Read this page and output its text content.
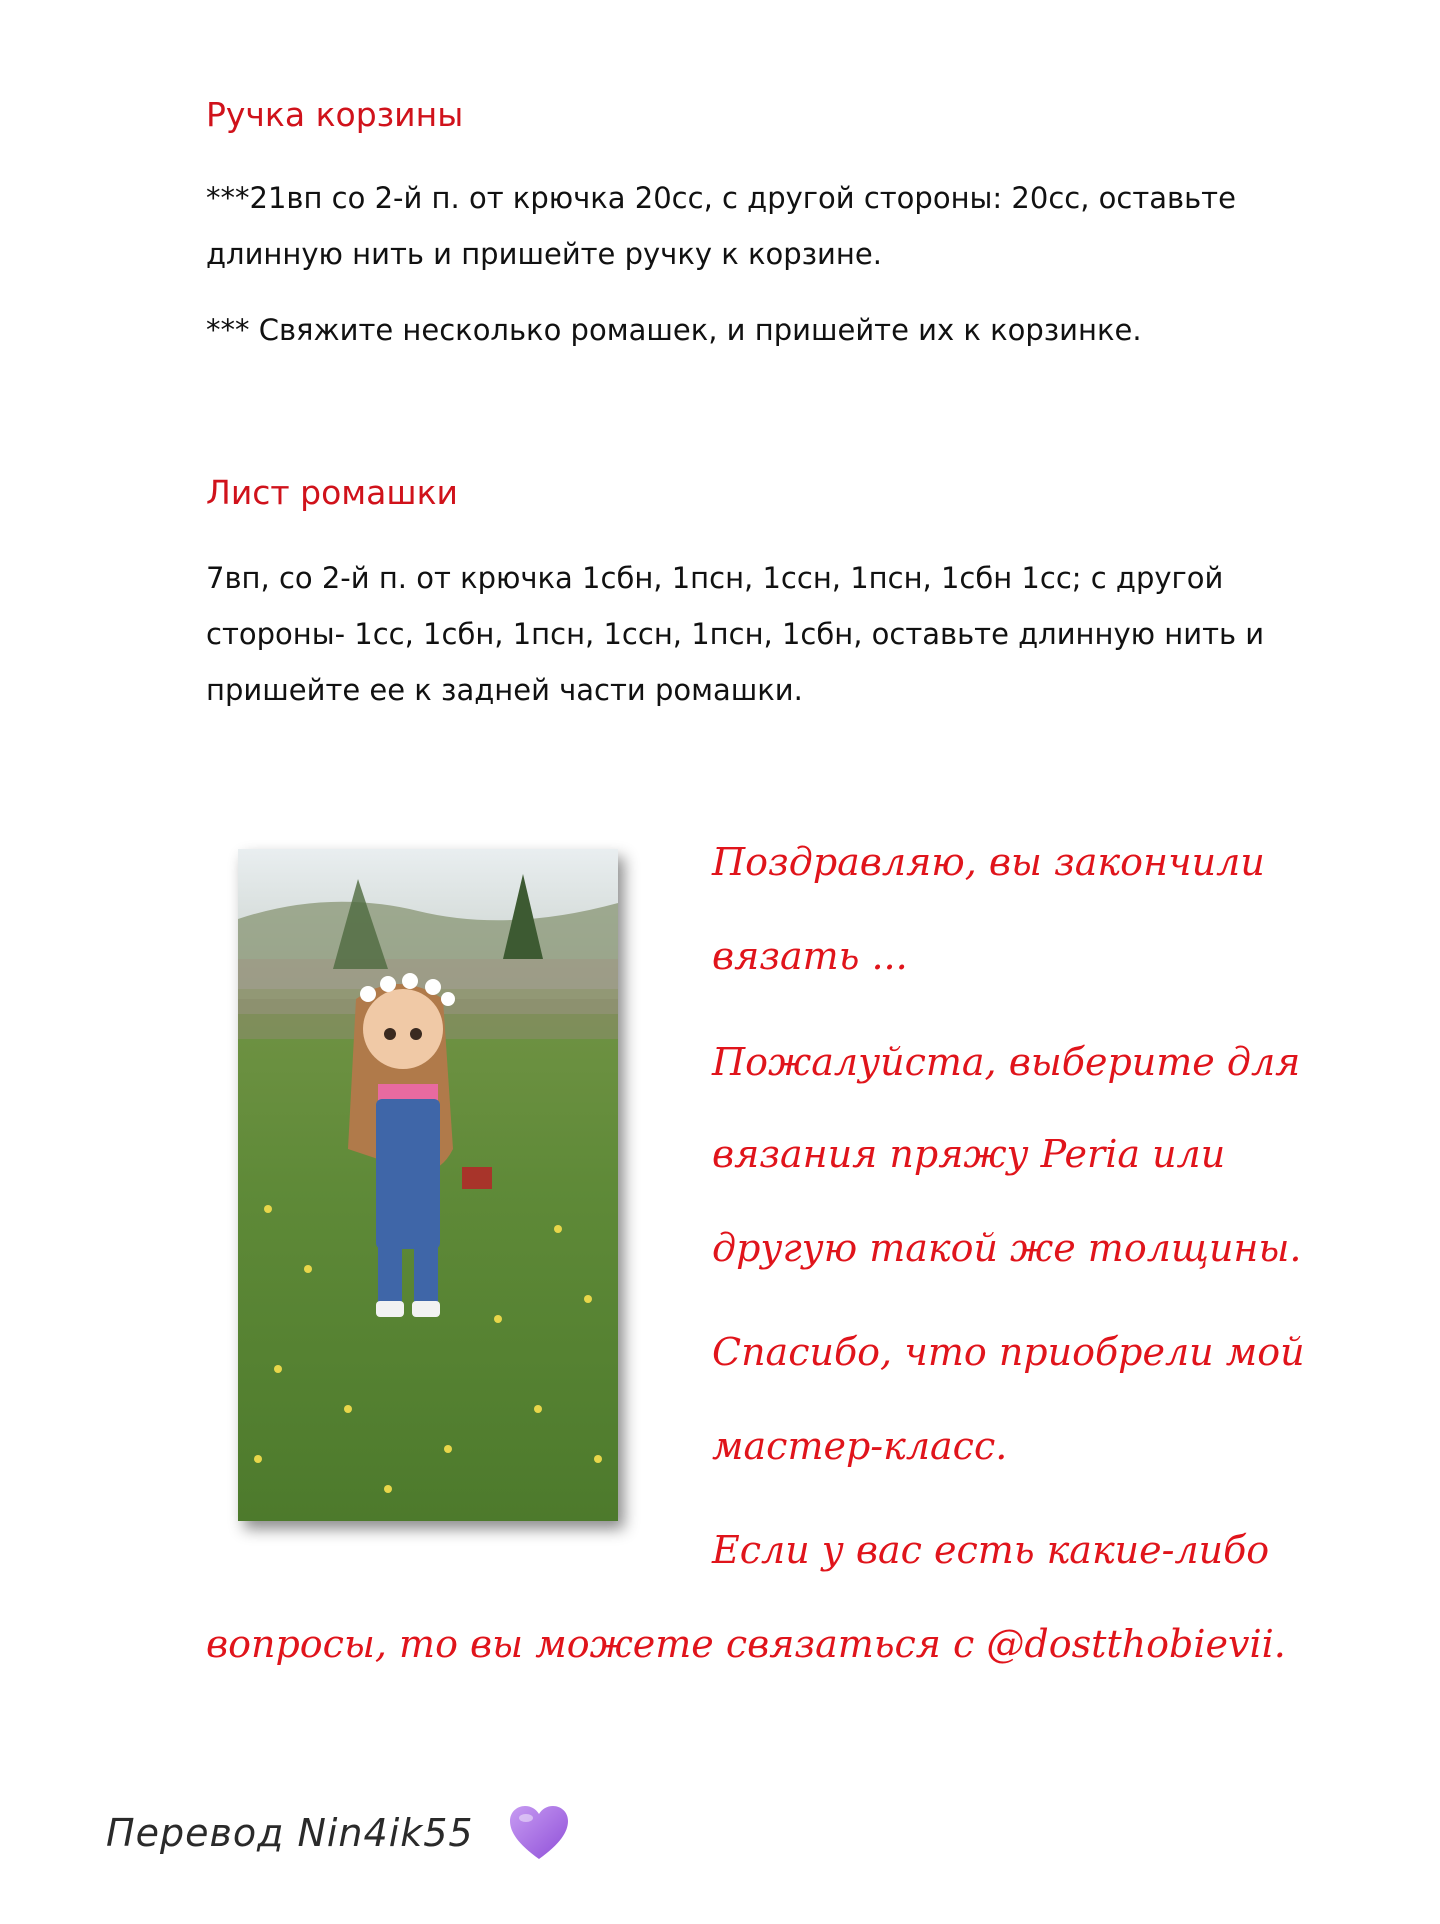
Ручка корзины

***21вп со 2-й п. от крючка 20сс, с другой стороны: 20сс, оставьте длинную нить и пришейте ручку к корзине.

*** Свяжите несколько ромашек, и пришейте их к корзинке.

Лист ромашки

7вп, со 2-й п. от крючка 1сбн, 1псн, 1ссн, 1псн, 1сбн 1сс; с другой стороны- 1сс, 1сбн, 1псн, 1ссн, 1псн, 1сбн, оставьте длинную нить и пришейте ее к задней части ромашки.

Поздравляю, вы закончили

вязать ...

Пожалуйста, выберите для

вязания пряжу Peria или

другую такой же толщины.

Спасибо, что приобрели мой

мастер-класс.

Если у вас есть какие-либо

вопросы, то вы можете связаться с @dostthobievii.

Перевод Nin4ik55
